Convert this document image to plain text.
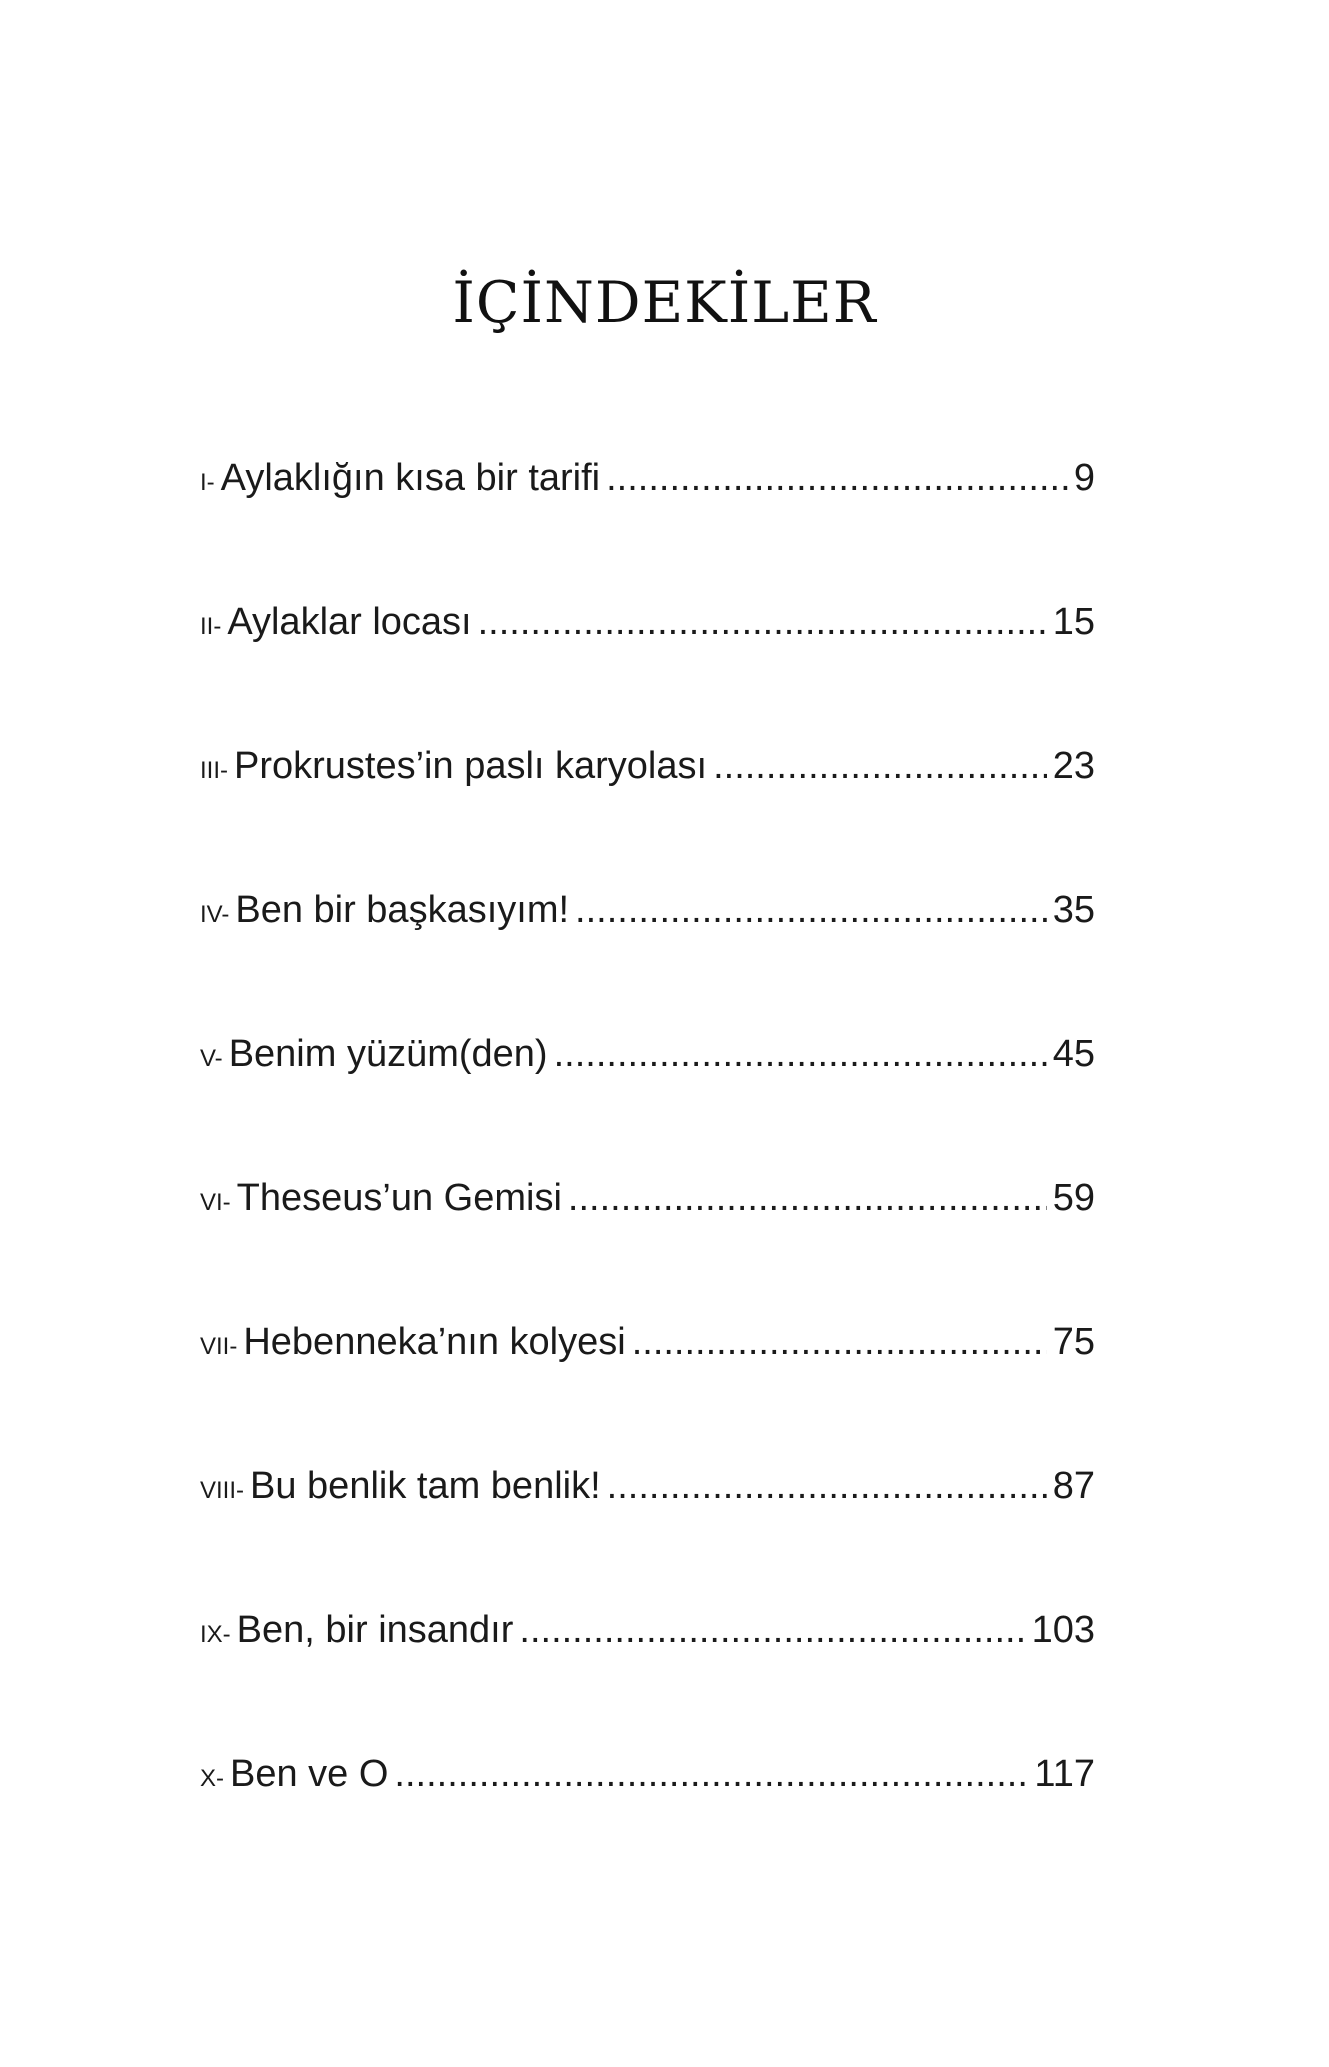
İÇİNDEKİLER
I- Aylaklığın kısa bir tarifi .....	9
II- Aylaklar locası .....	15
III- Prokrustes’in paslı karyolası .....	23
IV- Ben bir başkasıyım! .....	35
V- Benim yüzüm(den) .....	45
VI- Theseus’un Gemisi .....	59
VII- Hebenneka’nın kolyesi .....	75
VIII- Bu benlik tam benlik! .....	87
IX- Ben, bir insandır .....	103
X- Ben ve O .....	117
